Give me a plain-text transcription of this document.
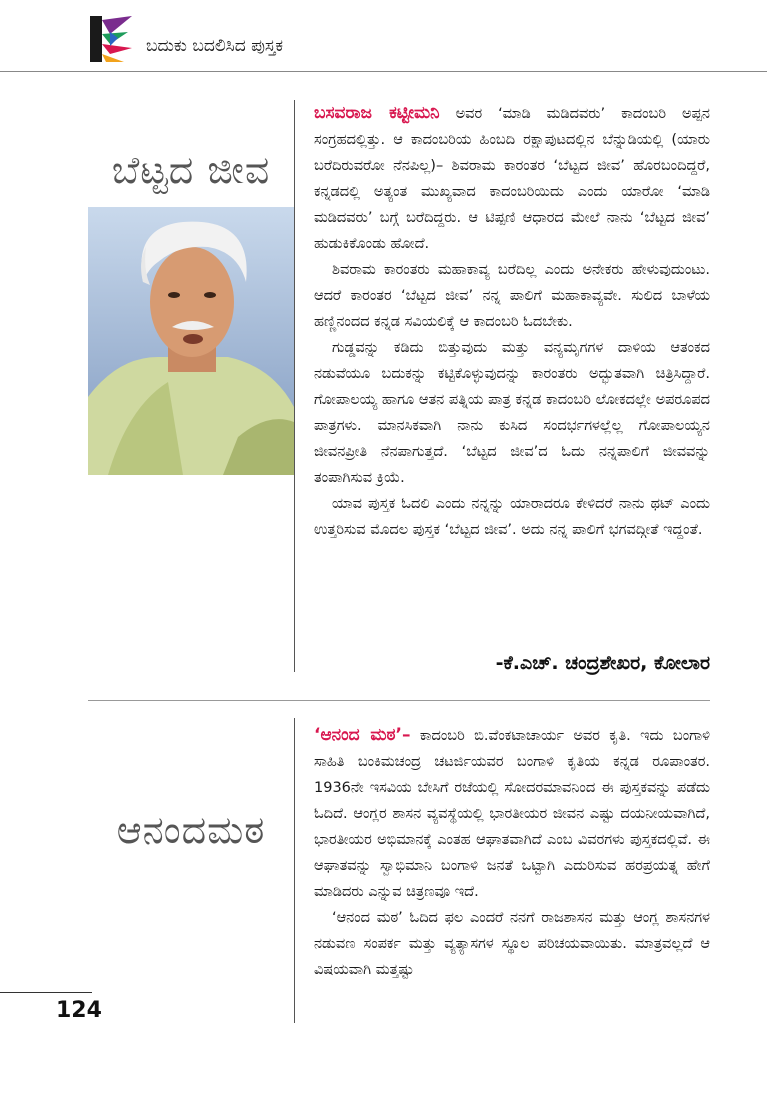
ಬದುಕು ಬದಲಿಸಿದ ಪುಸ್ತಕ
ಬೆಟ್ಟದ ಜೀವ

ಬಸವರಾಜ ಕಟ್ಟೀಮನಿ ಅವರ ‘ಮಾಡಿ ಮಡಿದವರು’ ಕಾದಂಬರಿ ಅಪ್ಪನ ಸಂಗ್ರಹದಲ್ಲಿತ್ತು. ಆ ಕಾದಂಬರಿಯ ಹಿಂಬದಿ ರಕ್ಷಾಪುಟದಲ್ಲಿನ ಬೆನ್ನುಡಿಯಲ್ಲಿ (ಯಾರು ಬರೆದಿರುವರೋ ನೆನಪಿಲ್ಲ)– ಶಿವರಾಮ ಕಾರಂತರ ‘ಬೆಟ್ಟದ ಜೀವ’ ಹೊರಬಂದಿದ್ದರೆ, ಕನ್ನಡದಲ್ಲಿ ಅತ್ಯಂತ ಮುಖ್ಯವಾದ ಕಾದಂಬರಿಯಿದು ಎಂದು ಯಾರೋ ‘ಮಾಡಿ ಮಡಿದವರು’ ಬಗ್ಗೆ ಬರೆದಿದ್ದರು. ಆ ಟಿಪ್ಪಣಿ ಆಧಾರದ ಮೇಲೆ ನಾನು ‘ಬೆಟ್ಟದ ಜೀವ’ ಹುಡುಕಿಕೊಂಡು ಹೋದೆ.

ಶಿವರಾಮ ಕಾರಂತರು ಮಹಾಕಾವ್ಯ ಬರೆದಿಲ್ಲ ಎಂದು ಅನೇಕರು ಹೇಳುವುದುಂಟು. ಆದರೆ ಕಾರಂತರ ‘ಬೆಟ್ಟದ ಜೀವ’ ನನ್ನ ಪಾಲಿಗೆ ಮಹಾಕಾವ್ಯವೇ. ಸುಲಿದ ಬಾಳೆಯ ಹಣ್ಣಿನಂದದ ಕನ್ನಡ ಸವಿಯಲಿಕ್ಕೆ ಆ ಕಾದಂಬರಿ ಓದಬೇಕು.

ಗುಡ್ಡವನ್ನು ಕಡಿದು ಬಿತ್ತುವುದು ಮತ್ತು ವನ್ಯಮೃಗಗಳ ದಾಳಿಯ ಆತಂಕದ ನಡುವೆಯೂ ಬದುಕನ್ನು ಕಟ್ಟಿಕೊಳ್ಳುವುದನ್ನು ಕಾರಂತರು ಅದ್ಭುತವಾಗಿ ಚಿತ್ರಿಸಿದ್ದಾರೆ. ಗೋಪಾಲಯ್ಯ ಹಾಗೂ ಆತನ ಪತ್ನಿಯ ಪಾತ್ರ ಕನ್ನಡ ಕಾದಂಬರಿ ಲೋಕದಲ್ಲೇ ಅಪರೂಪದ ಪಾತ್ರಗಳು. ಮಾನಸಿಕವಾಗಿ ನಾನು ಕುಸಿದ ಸಂದರ್ಭಗಳಲ್ಲೆಲ್ಲ ಗೋಪಾಲಯ್ಯನ ಜೀವನಪ್ರೀತಿ ನೆನಪಾಗುತ್ತದೆ. ‘ಬೆಟ್ಟದ ಜೀವ’ದ ಓದು ನನ್ನಪಾಲಿಗೆ ಜೀವವನ್ನು ತಂಪಾಗಿಸುವ ಕ್ರಿಯೆ.

ಯಾವ ಪುಸ್ತಕ ಓದಲಿ ಎಂದು ನನ್ನನ್ನು ಯಾರಾದರೂ ಕೇಳಿದರೆ ನಾನು ಥಟ್ ಎಂದು ಉತ್ತರಿಸುವ ಮೊದಲ ಪುಸ್ತಕ ‘ಬೆಟ್ಟದ ಜೀವ’. ಅದು ನನ್ನ ಪಾಲಿಗೆ ಭಗವದ್ಗೀತೆ ಇದ್ದಂತೆ.

-ಕೆ.ಎಚ್. ಚಂದ್ರಶೇಖರ, ಕೋಲಾರ
ಆನಂದಮಠ

‘ಆನಂದ ಮಠ’– ಕಾದಂಬರಿ ಬಿ.ವೆಂಕಟಾಚಾರ್ಯ ಅವರ ಕೃತಿ. ಇದು ಬಂಗಾಳಿ ಸಾಹಿತಿ ಬಂಕಿಮಚಂದ್ರ ಚಟರ್ಜಿಯವರ ಬಂಗಾಳಿ ಕೃತಿಯ ಕನ್ನಡ ರೂಪಾಂತರ. 1936ನೇ ಇಸವಿಯ ಬೇಸಿಗೆ ರಜೆಯಲ್ಲಿ ಸೋದರಮಾವನಿಂದ ಈ ಪುಸ್ತಕವನ್ನು ಪಡೆದು ಓದಿದೆ. ಆಂಗ್ಲರ ಶಾಸನ ವ್ಯವಸ್ಥೆಯಲ್ಲಿ ಭಾರತೀಯರ ಜೀವನ ಎಷ್ಟು ದಯನೀಯವಾಗಿದೆ, ಭಾರತೀಯರ ಅಭಿಮಾನಕ್ಕೆ ಎಂತಹ ಆಘಾತವಾಗಿದೆ ಎಂಬ ವಿವರಗಳು ಪುಸ್ತಕದಲ್ಲಿವೆ. ಈ ಆಘಾತವನ್ನು ಸ್ವಾಭಿಮಾನಿ ಬಂಗಾಳಿ ಜನತೆ ಒಟ್ಟಾಗಿ ಎದುರಿಸುವ ಹರಪ್ರಯತ್ನ ಹೇಗೆ ಮಾಡಿದರು ಎನ್ನುವ ಚಿತ್ರಣವೂ ಇದೆ.

‘ಆನಂದ ಮಠ’ ಓದಿದ ಫಲ ಎಂದರೆ ನನಗೆ ರಾಜಶಾಸನ ಮತ್ತು ಆಂಗ್ಲ ಶಾಸನಗಳ ನಡುವಣ ಸಂಪರ್ಕ ಮತ್ತು ವ್ಯತ್ಯಾಸಗಳ ಸ್ಥೂಲ ಪರಿಚಯವಾಯಿತು. ಮಾತ್ರವಲ್ಲದೆ ಆ ವಿಷಯವಾಗಿ ಮತ್ತಷ್ಟು

124
